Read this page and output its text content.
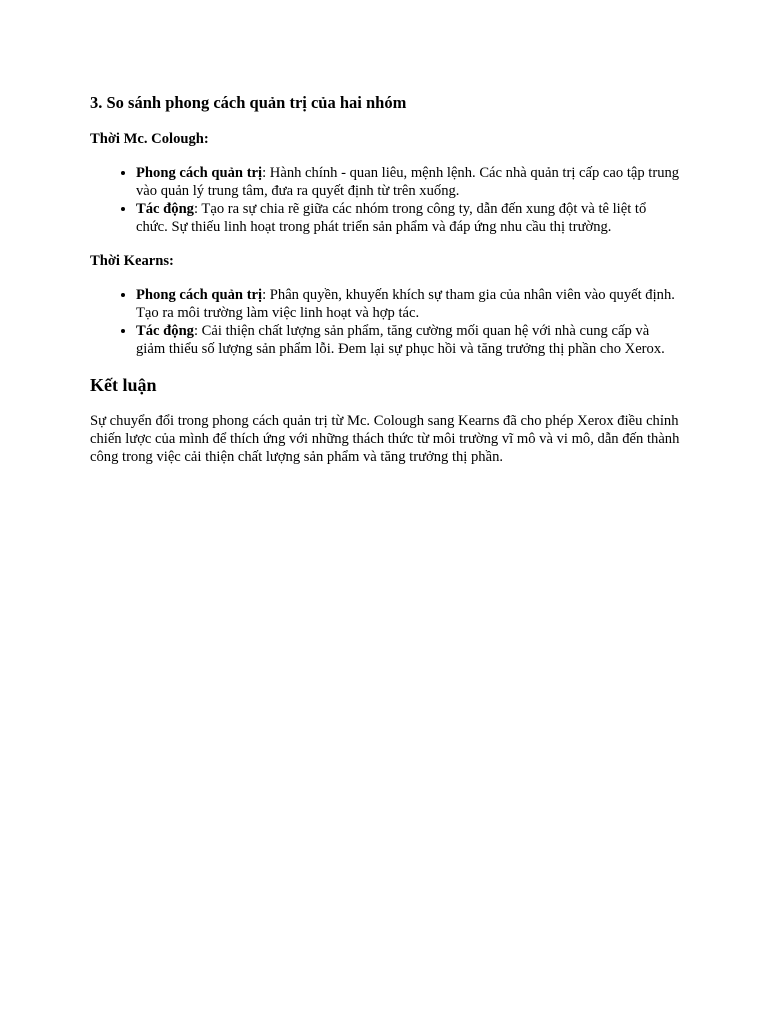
3. So sánh phong cách quản trị của hai nhóm

Thời Mc. Colough:

• Phong cách quản trị: Hành chính - quan liêu, mệnh lệnh. Các nhà quản trị cấp cao tập trung vào quản lý trung tâm, đưa ra quyết định từ trên xuống.
• Tác động: Tạo ra sự chia rẽ giữa các nhóm trong công ty, dẫn đến xung đột và tê liệt tổ chức. Sự thiếu linh hoạt trong phát triển sản phẩm và đáp ứng nhu cầu thị trường.

Thời Kearns:

• Phong cách quản trị: Phân quyền, khuyến khích sự tham gia của nhân viên vào quyết định. Tạo ra môi trường làm việc linh hoạt và hợp tác.
• Tác động: Cải thiện chất lượng sản phẩm, tăng cường mối quan hệ với nhà cung cấp và giảm thiểu số lượng sản phẩm lỗi. Đem lại sự phục hồi và tăng trưởng thị phần cho Xerox.
Kết luận

Sự chuyển đổi trong phong cách quản trị từ Mc. Colough sang Kearns đã cho phép Xerox điều chỉnh chiến lược của mình để thích ứng với những thách thức từ môi trường vĩ mô và vi mô, dẫn đến thành công trong việc cải thiện chất lượng sản phẩm và tăng trưởng thị phần.
